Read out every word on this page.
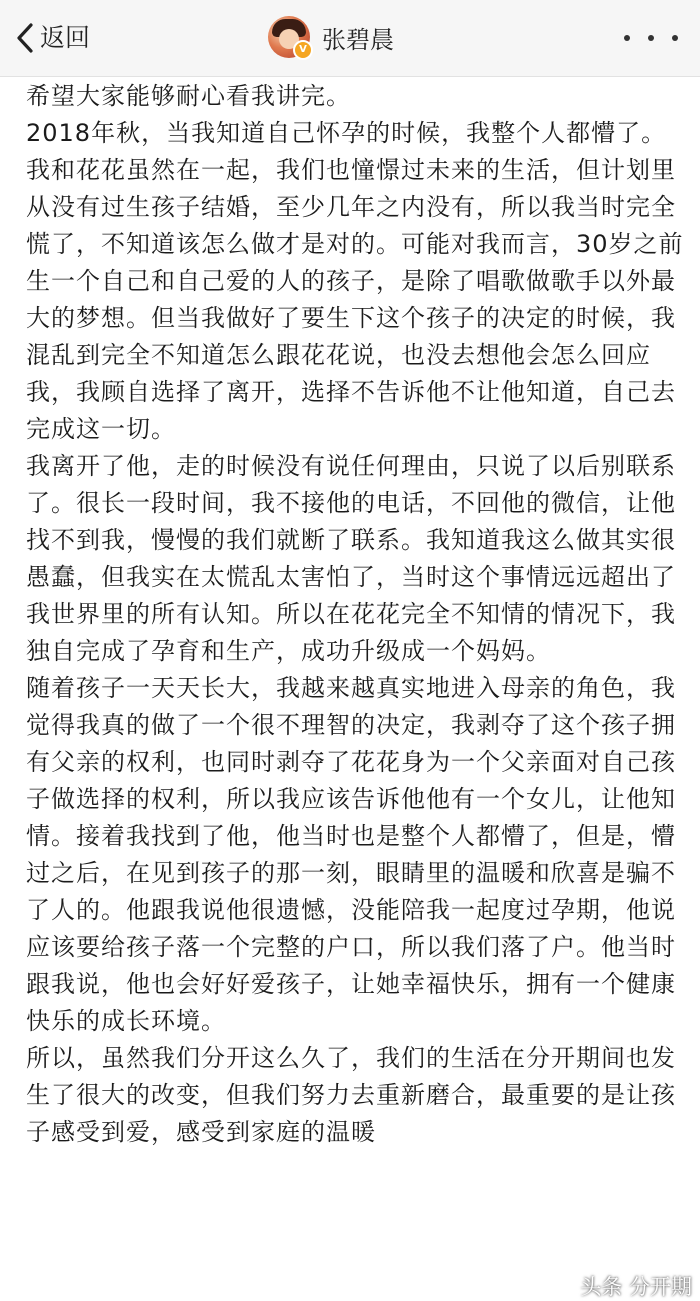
返回	V 张碧晨

希望大家能够耐心看我讲完。

2018年秋，当我知道自己怀孕的时候，我整个人都懵了。我和花花虽然在一起，我们也憧憬过未来的生活，但计划里从没有过生孩子结婚，至少几年之内没有，所以我当时完全慌了，不知道该怎么做才是对的。可能对我而言，30岁之前生一个自己和自己爱的人的孩子，是除了唱歌做歌手以外最大的梦想。但当我做好了要生下这个孩子的决定的时候，我混乱到完全不知道怎么跟花花说，也没去想他会怎么回应我，我顾自选择了离开，选择不告诉他不让他知道，自己去完成这一切。

我离开了他，走的时候没有说任何理由，只说了以后别联系了。很长一段时间，我不接他的电话，不回他的微信，让他找不到我，慢慢的我们就断了联系。我知道我这么做其实很愚蠢，但我实在太慌乱太害怕了，当时这个事情远远超出了我世界里的所有认知。所以在花花完全不知情的情况下，我独自完成了孕育和生产，成功升级成一个妈妈。

随着孩子一天天长大，我越来越真实地进入母亲的角色，我觉得我真的做了一个很不理智的决定，我剥夺了这个孩子拥有父亲的权利，也同时剥夺了花花身为一个父亲面对自己孩子做选择的权利，所以我应该告诉他他有一个女儿，让他知情。接着我找到了他，他当时也是整个人都懵了，但是，懵过之后，在见到孩子的那一刻，眼睛里的温暖和欣喜是骗不了人的。他跟我说他很遗憾，没能陪我一起度过孕期，他说应该要给孩子落一个完整的户口，所以我们落了户。他当时跟我说，他也会好好爱孩子，让她幸福快乐，拥有一个健康快乐的成长环境。

所以，虽然我们分开这么久了，我们的生活在分开期间也发生了很大的改变，但我们努力去重新磨合，最重要的是让孩子感受到爱，感受到家庭的温暖

头条 分开期
